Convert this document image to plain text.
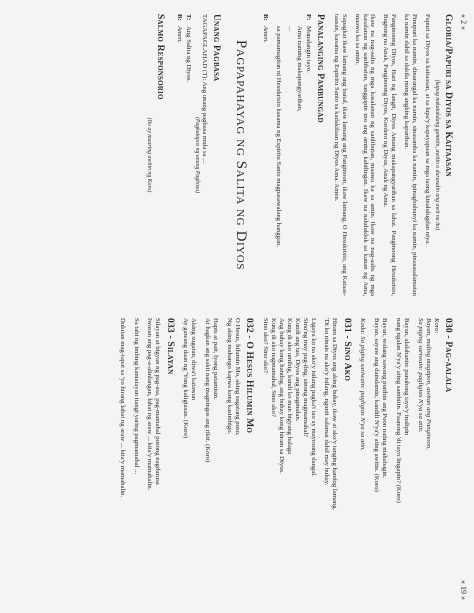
« 2 »
« 19 »
Gloria/Papuri sa Diyos sa Kaitaasan
(kapag nakatakdang gamitin, awitin o darasalin ang awit na ito)

Papuri sa Diyos sa kaitaasan, at sa lupa'y kapayapaan sa mga taong kinalulugdan niya.

Pinupuri ka namin, dinarangal ka namin, sinasamba ka namin, ipinagbubunyi ka namin, pinasasalamatan ka namin dahil sa dakila mong angking kapurihan.

Panginoong Diyos, Hari ng langit, Diyos Amang makapangyarihan sa lahat. Panginoong Hesukristo, Bugtong na Anak, Panginoong Diyos, Kordero ng Diyos, Anak ng Ama.

Ikaw na nag-aalis ng mga kasalanan ng sanlibutan, maawa ka sa amin. Ikaw na nag-aalis ng mga kasalanan ng sanlibutan, tanggapin mo ang aming kahilingan. Ikaw na naluluklok sa kanan ng Ama, maawa ka sa amin.

Sapagkat ikaw lamang ang banal, ikaw lamang ang Panginoon, ikaw lamang, O Hesukristo, ang Kataas-taasan, kasama ng Espiritu Santo sa kadakilaan ng Diyos Ama. Amen.

Panalanging Pambungad
P:
Manalangin tayo.
Ama naming makapangyarihan,
...

sa pamamagitan ni Hesukristo kasama ng Espiritu Santo magpasawalang hanggan.

B:
Amen.
Pagpapahayag ng Salita ng Diyos
Unang Pagbasa
TAGAPAGLAHAD (T): Ang unang pagbasa mula sa ...
(Pagkatapos ng unang Pagbasa)
T:
Ang Salita ng Diyos.
B:
Amen.
Salmo Responsorio
(Ito ay maaring awitin ng Koro)
030 - Pag-aalala
Koro:
Bayan, muling magtipon, awitan ang Panginoon,
Sa piging sariwain: pagligtas N'ya sa atin.
Bayan, alalahanin: panahong tayo'y inalipin
nang ngalan N'ya'y ating sambitin. Paanong 'di tayo lingapin? (Koro)
Bayan, walang sawang purihin ang Poon nating mahabagin.
Bayan, sayaw ang damdamin, kandili N'ya'y ating awitin. (Koro)
Koda: Sa piging sariwain: pagligtas N'ya sa atin.
031 - Sino Ako
Hiram sa Diyos ang aking buhay, ikaw at ako'y tanging handog lamang.
'Di ko ninais na ako'y isilang, ngunit salamat dahil may buhay.
Ligaya ko na ako'y isilang pagka't tao ay mayroong dangal.
Sino'ng may pag-ibig, sinong magmamahal?
Kundi ang tao, Diyos ang pinagmulan.
Kung di ako umibig, kundi ko man bigyang halaga
Ang buhay kong handog, ang buhay kong hiram sa Diyos.
Kung di ako nagmamahal, Sino ako?
Sino ako? Sino ako?
032 - O Hesus Hilumin Mo
O Hesus, hilumin Mo, aking sugatang puso.
Ng aking mahango kapwa kong kasimbigo.
Hapis at pait, lyong patamisin.
At hagkan ang sakit nang magningas ang rikit. (Koro)
Aking sugatan, diwa't katawan
Ay gawang daan ng 'Yong kaligtasan. (Koro)
033 - Silayan
Silayan at bigyan ng pag-asa, pag-mamahal pusong nagdurusa
Iwasan ang pag-a-alinlangan, lahat ng araw ... kita'y mamahalin.
Sa tabi ng imbing kamatayan itangi yaring pagmamahal ...
Dulutan mag-tapat sa 'yo hirang lahat ng araw ... kita'y mamahalin.
